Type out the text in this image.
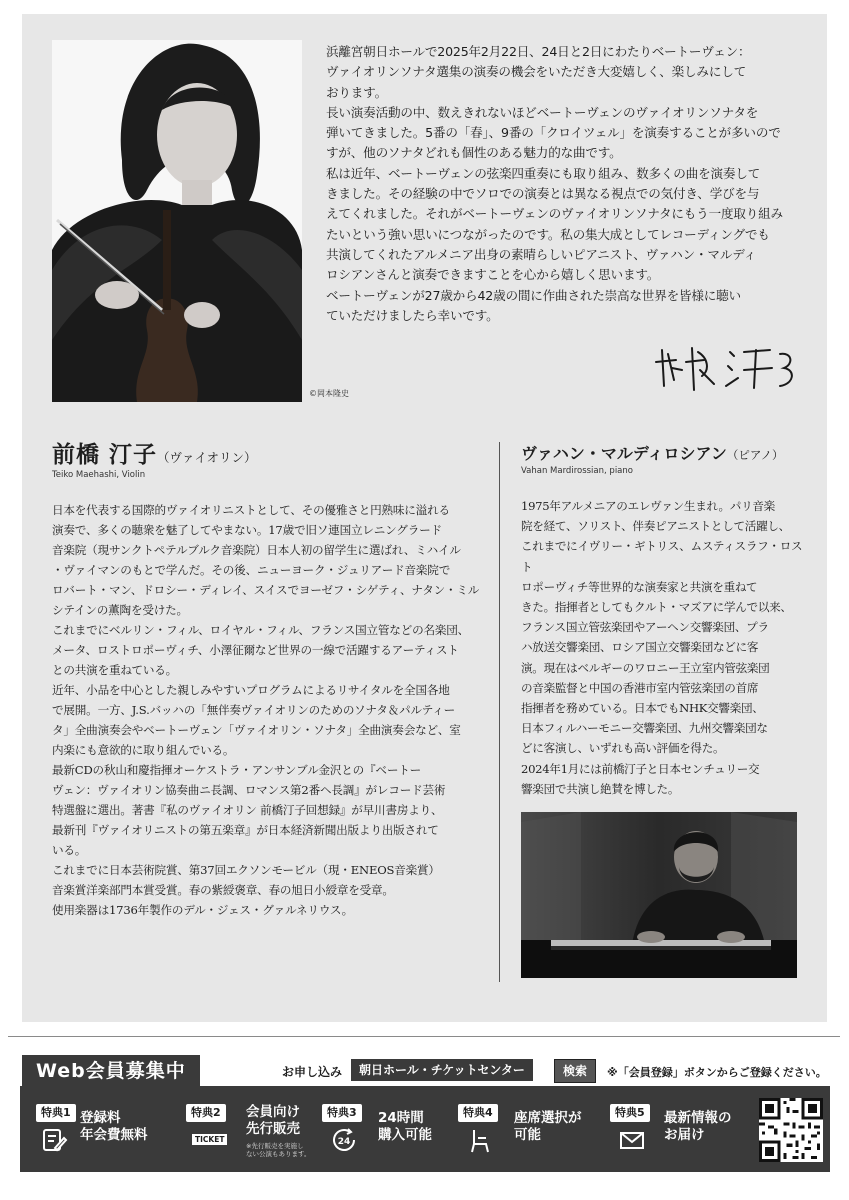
©岡本隆史

浜離宮朝日ホールで2025年2月22日、24日と2日にわたりベートーヴェン：

ヴァイオリンソナタ選集の演奏の機会をいただき大変嬉しく、楽しみにして

おります。

長い演奏活動の中、数えきれないほどベートーヴェンのヴァイオリンソナタを

弾いてきました。5番の「春」、9番の「クロイツェル」を演奏することが多いので

すが、他のソナタどれも個性のある魅力的な曲です。

私は近年、ベートーヴェンの弦楽四重奏にも取り組み、数多くの曲を演奏して

きました。その経験の中でソロでの演奏とは異なる視点での気付き、学びを与

えてくれました。それがベートーヴェンのヴァイオリンソナタにもう一度取り組み

たいという強い思いにつながったのです。私の集大成としてレコーディングでも

共演してくれたアルメニア出身の素晴らしいピアニスト、ヴァハン・マルディ

ロシアンさんと演奏できますことを心から嬉しく思います。

ベートーヴェンが27歳から42歳の間に作曲された崇高な世界を皆様に聴い

ていただけましたら幸いです。

前橋 汀子（ヴァイオリン）
Teiko Maehashi, Violin

日本を代表する国際的ヴァイオリニストとして、その優雅さと円熟味に溢れる

演奏で、多くの聴衆を魅了してやまない。17歳で旧ソ連国立レニングラード

音楽院（現サンクトペテルブルク音楽院）日本人初の留学生に選ばれ、ミハイル

・ヴァイマンのもとで学んだ。その後、ニューヨーク・ジュリアード音楽院で

ロバート・マン、ドロシー・ディレイ、スイスでヨーゼフ・シゲティ、ナタン・ミル

シテインの薫陶を受けた。

これまでにベルリン・フィル、ロイヤル・フィル、フランス国立管などの名楽団、

メータ、ロストロポーヴィチ、小澤征爾など世界の一線で活躍するアーティスト

との共演を重ねている。

近年、小品を中心とした親しみやすいプログラムによるリサイタルを全国各地

で展開。一方、J.S.バッハの「無伴奏ヴァイオリンのためのソナタ＆パルティー

タ」全曲演奏会やベートーヴェン「ヴァイオリン・ソナタ」全曲演奏会など、室

内楽にも意欲的に取り組んでいる。

最新CDの秋山和慶指揮オーケストラ・アンサンブル金沢との『ベートー

ヴェン：ヴァイオリン協奏曲ニ長調、ロマンス第2番ヘ長調』がレコード芸術

特選盤に選出。著書『私のヴァイオリン 前橋汀子回想録』が早川書房より、

最新刊『ヴァイオリニストの第五楽章』が日本経済新聞出版より出版されて

いる。

これまでに日本芸術院賞、第37回エクソンモービル（現・ENEOS音楽賞）

音楽賞洋楽部門本賞受賞。春の紫綬褒章、春の旭日小綬章を受章。

使用楽器は1736年製作のデル・ジェス・グァルネリウス。

ヴァハン・マルディロシアン（ピアノ）
Vahan Mardirossian, piano

1975年アルメニアのエレヴァン生まれ。パリ音楽

院を経て、ソリスト、伴奏ピアニストとして活躍し、

これまでにイヴリー・ギトリス、ムスティスラフ・ロスト

ロポーヴィチ等世界的な演奏家と共演を重ねて

きた。指揮者としてもクルト・マズアに学んで以来、

フランス国立管弦楽団やアーヘン交響楽団、プラ

ハ放送交響楽団、ロシア国立交響楽団などに客

演。現在はベルギーのワロニー王立室内管弦楽団

の音楽監督と中国の香港市室内管弦楽団の首席

指揮者を務めている。日本でもNHK交響楽団、

日本フィルハーモニー交響楽団、九州交響楽団な

どに客演し、いずれも高い評価を得た。

2024年1月には前橋汀子と日本センチュリー交

響楽団で共演し絶賛を博した。

Web会員募集中	お申し込み	朝日ホール・チケットセンター	検索	※「会員登録」ボタンからご登録ください。
特典1 登録料
年会費無料
特典2
TICKET
会員向け
先行販売
※先行販売を実施し
ない公演もあります。
特典3
24
24時間
購入可能
特典4	座席選択が
可能
特典5	最新情報の
お届け
